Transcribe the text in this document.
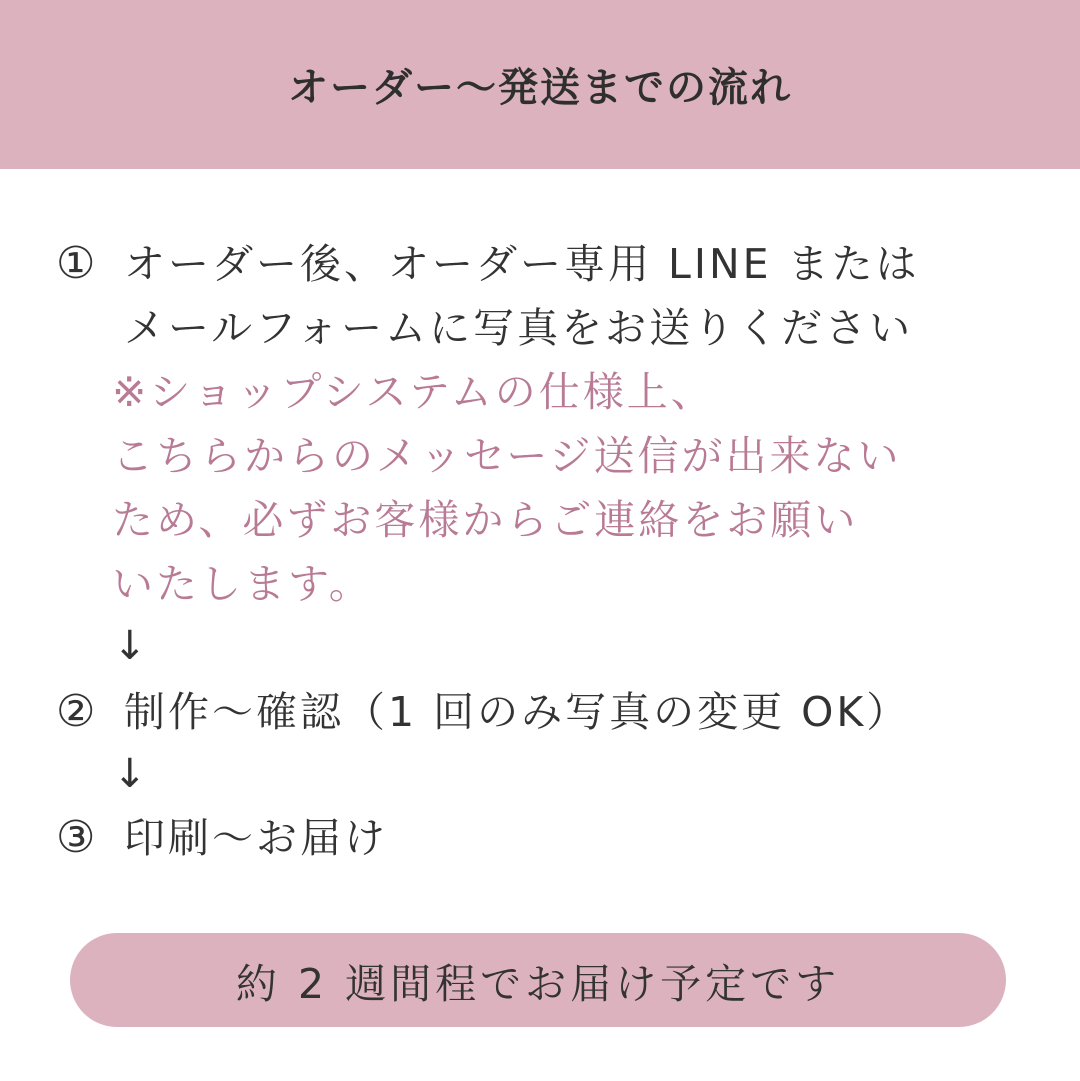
オーダー〜発送までの流れ
① オーダー後、オーダー専用 LINE または
メールフォームに写真をお送りください
※ショップシステムの仕様上、
こちらからのメッセージ送信が出来ない
ため、必ずお客様からご連絡をお願い
いたします。
↓
② 制作〜確認（1 回のみ写真の変更 OK）
↓
③ 印刷〜お届け
約 2 週間程でお届け予定です
